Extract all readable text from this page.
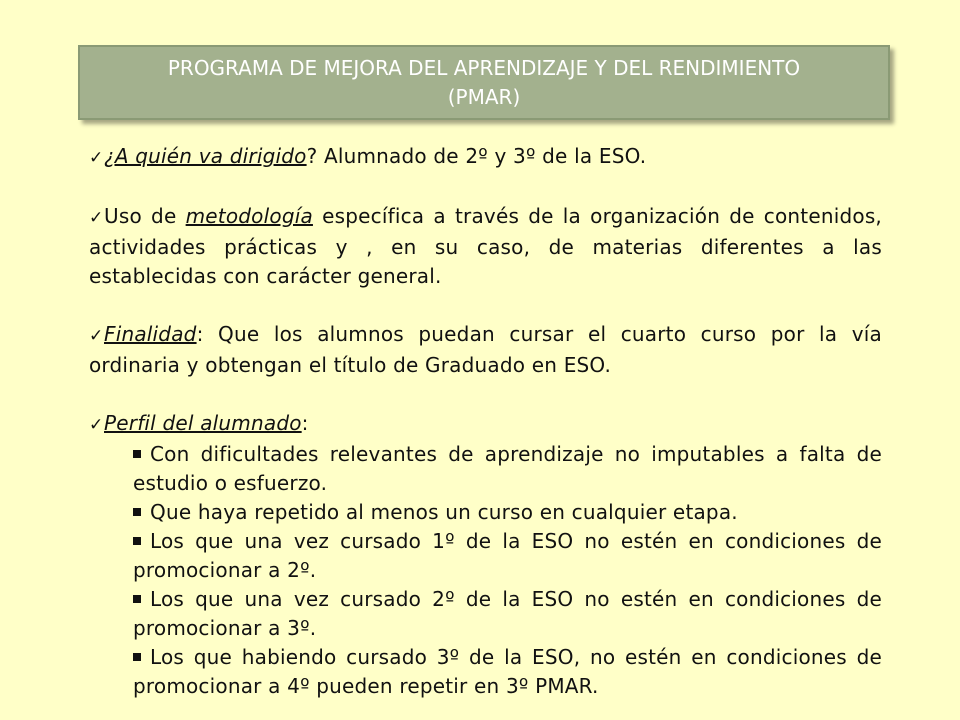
PROGRAMA DE MEJORA DEL APRENDIZAJE Y DEL RENDIMIENTO
(PMAR)

✓¿A quién va dirigido? Alumnado de 2º y 3º de la ESO.

✓Uso de metodología específica a través de la organización de contenidos, actividades prácticas y , en su caso, de materias diferentes a las establecidas con carácter general.

✓Finalidad: Que los alumnos puedan cursar el cuarto curso por la vía ordinaria y obtengan el título de Graduado en ESO.

✓Perfil del alumnado:

Con dificultades relevantes de aprendizaje no imputables a falta de estudio o esfuerzo.

Que haya repetido al menos un curso en cualquier etapa.

Los que una vez cursado 1º de la ESO no estén en condiciones de promocionar a 2º.

Los que una vez cursado 2º de la ESO no estén en condiciones de promocionar a 3º.

Los que habiendo cursado 3º de la ESO, no estén en condiciones de promocionar a 4º pueden repetir en 3º PMAR.
